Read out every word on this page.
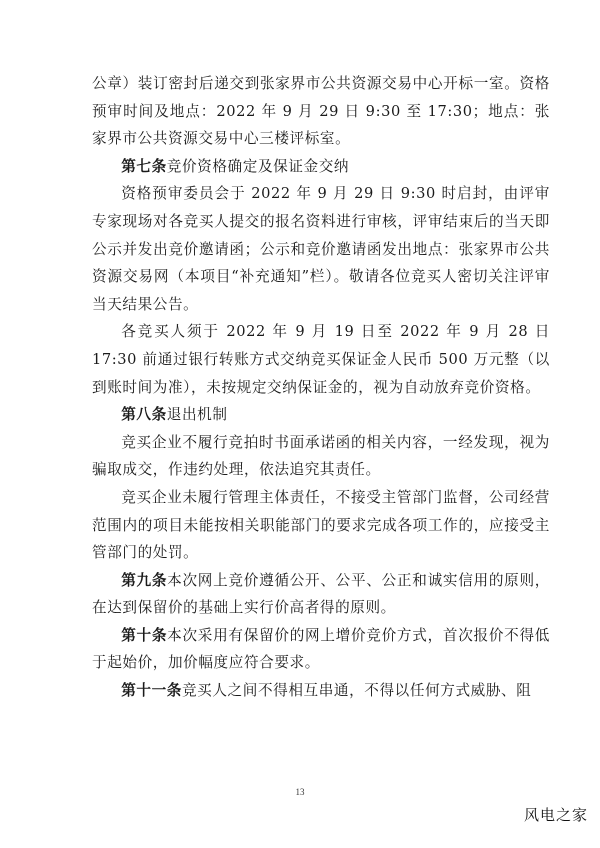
公章）装订密封后递交到张家界市公共资源交易中心开标一室。资格预审时间及地点：2022 年 9 月 29 日 9:30 至 17:30；地点：张家界市公共资源交易中心三楼评标室。

第七条竞价资格确定及保证金交纳

资格预审委员会于 2022 年 9 月 29 日 9:30 时启封，由评审专家现场对各竞买人提交的报名资料进行审核，评审结束后的当天即公示并发出竞价邀请函；公示和竞价邀请函发出地点：张家界市公共资源交易网（本项目“补充通知”栏）。敬请各位竞买人密切关注评审当天结果公告。

各竞买人须于 2022 年 9 月 19 日至 2022 年 9 月 28 日 17:30 前通过银行转账方式交纳竞买保证金人民币 500 万元整（以到账时间为准），未按规定交纳保证金的，视为自动放弃竞价资格。

第八条退出机制

竞买企业不履行竞拍时书面承诺函的相关内容，一经发现，视为骗取成交，作违约处理，依法追究其责任。

竞买企业未履行管理主体责任，不接受主管部门监督，公司经营范围内的项目未能按相关职能部门的要求完成各项工作的，应接受主管部门的处罚。

第九条本次网上竞价遵循公开、公平、公正和诚实信用的原则，在达到保留价的基础上实行价高者得的原则。

第十条本次采用有保留价的网上增价竞价方式，首次报价不得低于起始价，加价幅度应符合要求。

第十一条竞买人之间不得相互串通，不得以任何方式威胁、阻

13
风电之家
